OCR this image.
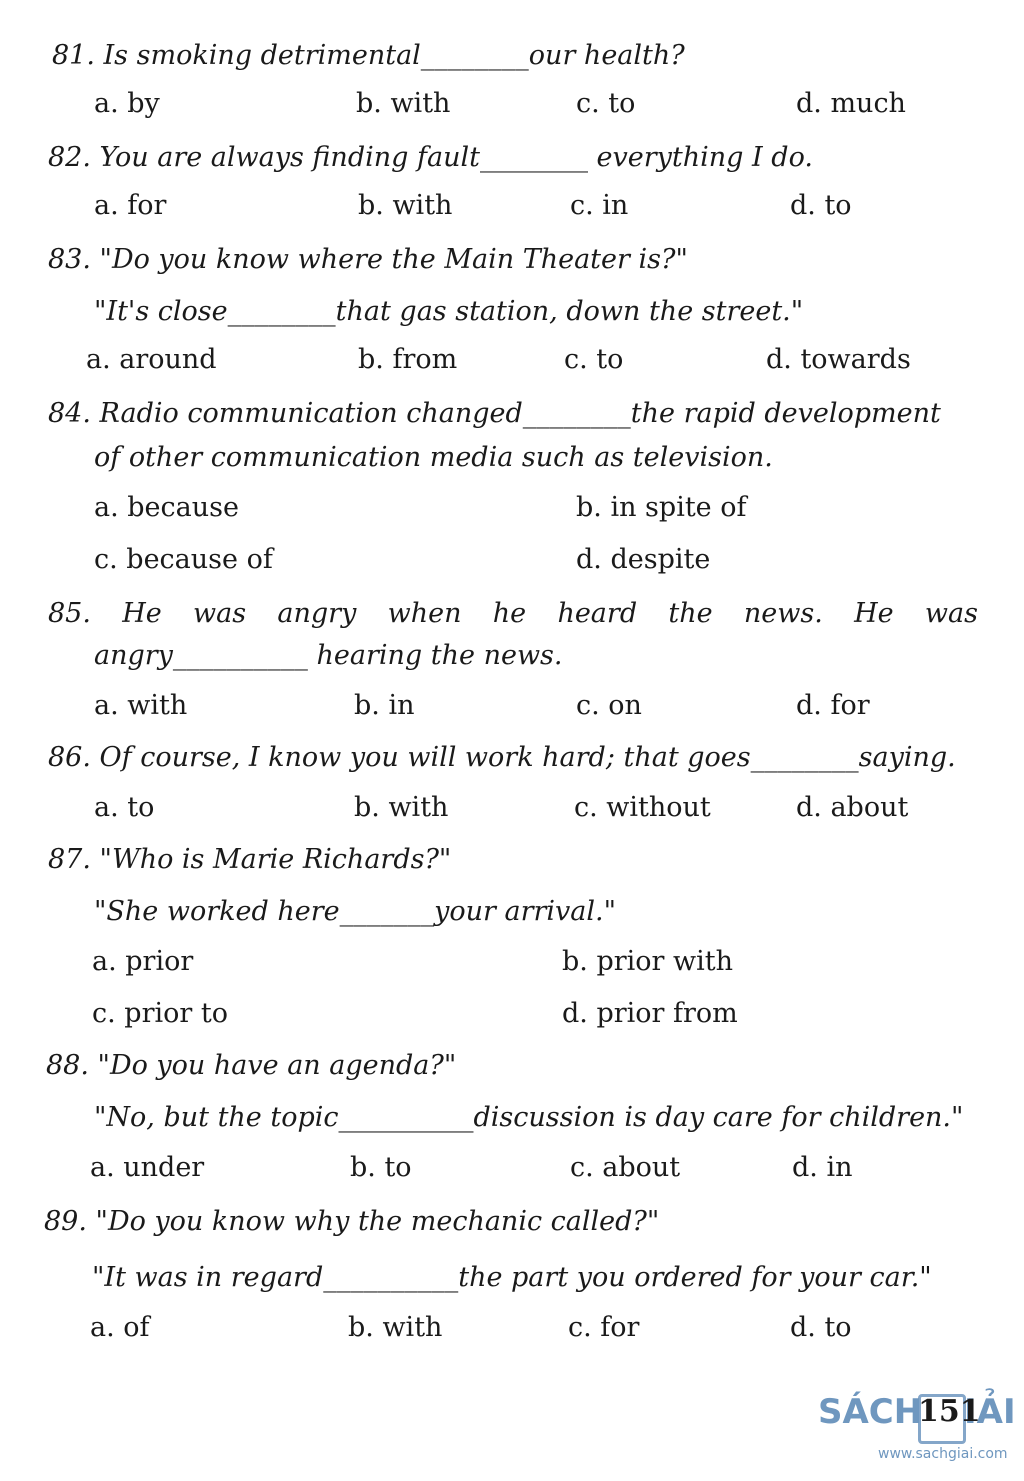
81. Is smoking detrimental________our health?
a. by	b. with	c. to	d. much
82. You are always finding fault________ everything I do.
a. for	b. with	c. in	d. to
83. "Do you know where the Main Theater is?"
"It's close________that gas station, down the street."
a. around	b. from	c. to	d. towards
84. Radio communication changed________the rapid development
of other communication media such as television.
a. because	b. in spite of
c. because of	d. despite
85. He was angry when he heard the news. He was
angry__________ hearing the news.
a. with	b. in	c. on	d. for
86. Of course, I know you will work hard; that goes________saying.
a. to	b. with	c. without	d. about
87. "Who is Marie Richards?"
"She worked here_______your arrival."
a. prior	b. prior with
c. prior to	d. prior from
88. "Do you have an agenda?"
"No, but the topic__________discussion is day care for children."
a. under	b. to	c. about	d. in
89. "Do you know why the mechanic called?"
"It was in regard__________the part you ordered for your car."
a. of	b. with	c. for	d. to
SÁCH IẢI
www.sachgiai.com
151
